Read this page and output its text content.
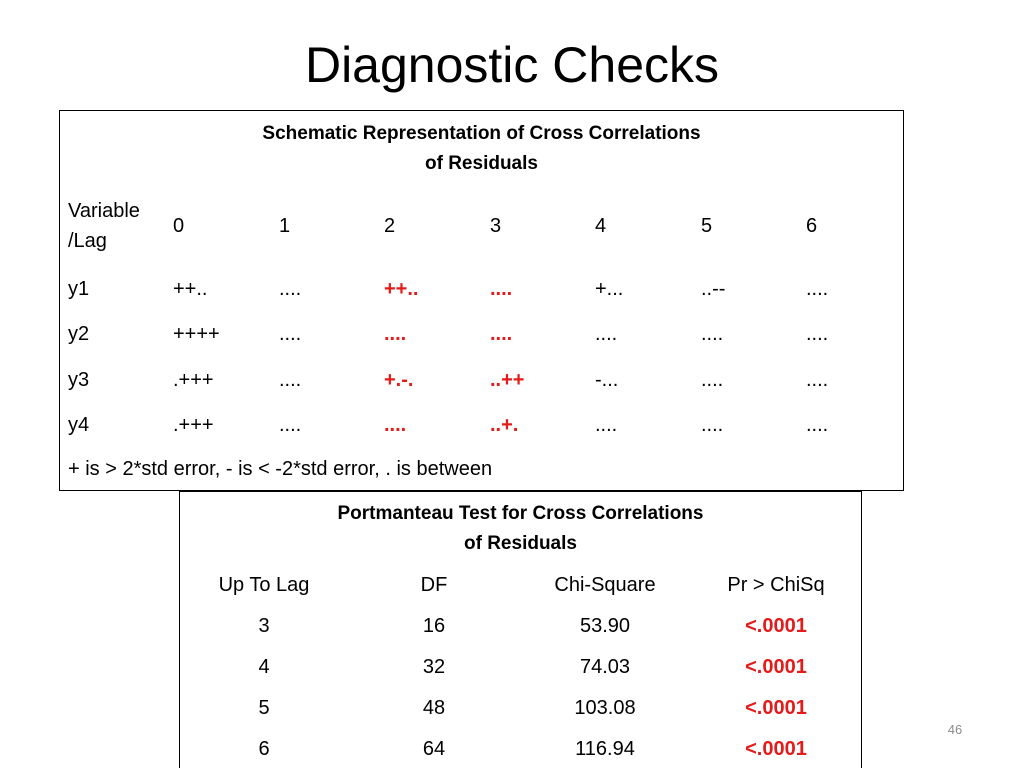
Diagnostic Checks
Schematic Representation of Cross Correlations
of Residuals
Variable
/Lag
0	1	2	3	4	5	6
y1	++..	....	++..	....	+...	..--	....
y2	++++	....	....	....	....	....	....
y3	.+++	....	+.-.	..++	-...	....	....
y4	.+++	....	....	..+.	....	....	....
+ is > 2*std error, - is < -2*std error, . is between
Portmanteau Test for Cross Correlations
of Residuals
Up To Lag	DF	Chi-Square	Pr > ChiSq
3	16	53.90	<.0001
4	32	74.03	<.0001
5	48	103.08	<.0001
6	64	116.94	<.0001
46
